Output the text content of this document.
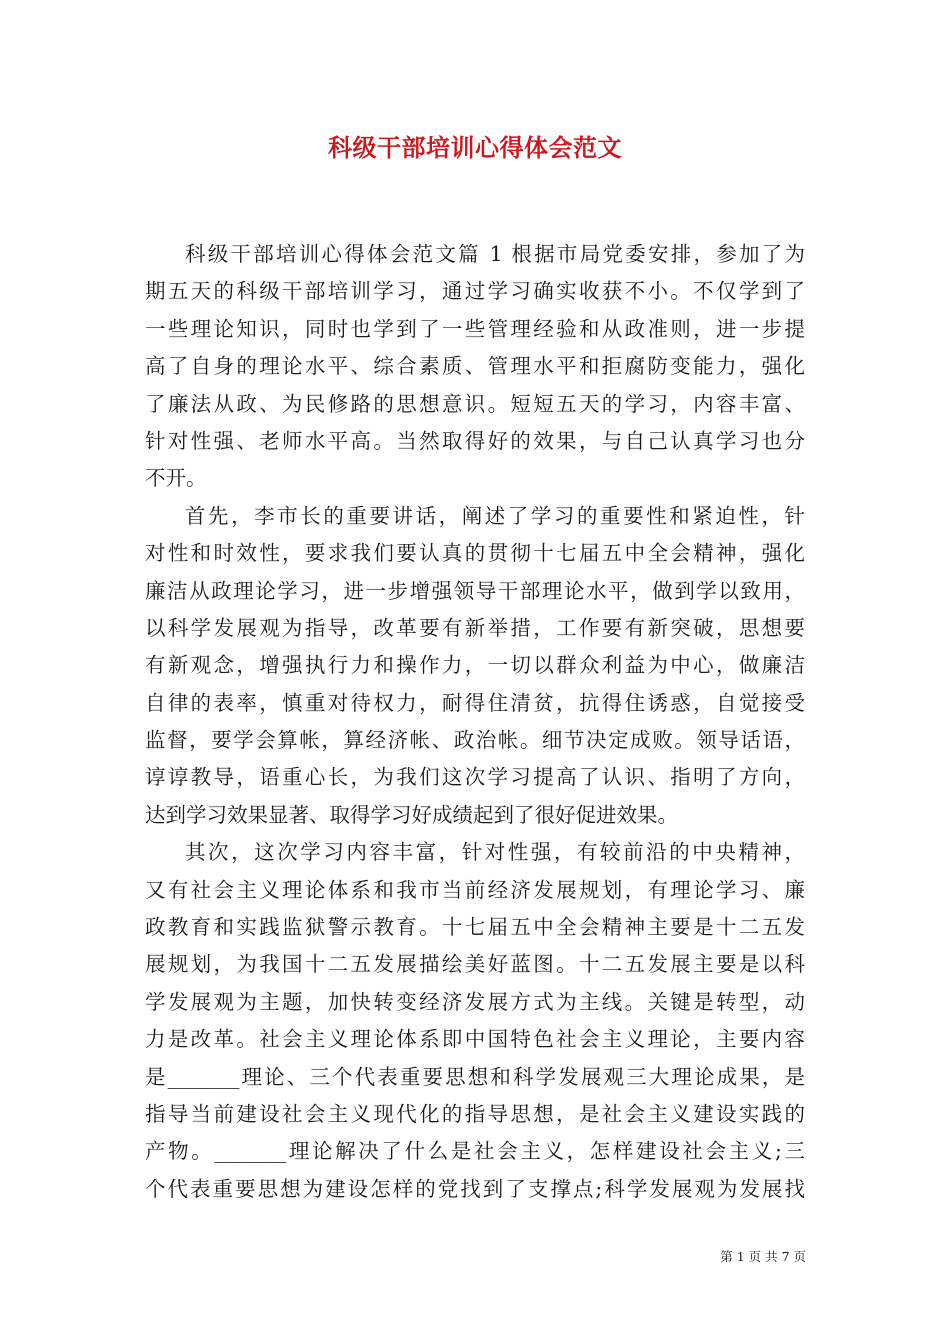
科级干部培训心得体会范文
科级干部培训心得体会范文篇 1 根据市局党委安排，参加了为
期五天的科级干部培训学习，通过学习确实收获不小。不仅学到了
一些理论知识，同时也学到了一些管理经验和从政准则，进一步提
高了自身的理论水平、综合素质、管理水平和拒腐防变能力，强化
了廉法从政、为民修路的思想意识。短短五天的学习，内容丰富、
针对性强、老师水平高。当然取得好的效果，与自己认真学习也分
不开。
首先，李市长的重要讲话，阐述了学习的重要性和紧迫性，针
对性和时效性，要求我们要认真的贯彻十七届五中全会精神，强化
廉洁从政理论学习，进一步增强领导干部理论水平，做到学以致用，
以科学发展观为指导，改革要有新举措，工作要有新突破，思想要
有新观念，增强执行力和操作力，一切以群众利益为中心，做廉洁
自律的表率，慎重对待权力，耐得住清贫，抗得住诱惑，自觉接受
监督，要学会算帐，算经济帐、政治帐。细节决定成败。领导话语，
谆谆教导，语重心长，为我们这次学习提高了认识、指明了方向，
达到学习效果显著、取得学习好成绩起到了很好促进效果。
其次，这次学习内容丰富，针对性强，有较前沿的中央精神，
又有社会主义理论体系和我市当前经济发展规划，有理论学习、廉
政教育和实践监狱警示教育。十七届五中全会精神主要是十二五发
展规划，为我国十二五发展描绘美好蓝图。十二五发展主要是以科
学发展观为主题，加快转变经济发展方式为主线。关键是转型，动
力是改革。社会主义理论体系即中国特色社会主义理论，主要内容
是_______理论、三个代表重要思想和科学发展观三大理论成果，是
指导当前建设社会主义现代化的指导思想，是社会主义建设实践的
产物。_______理论解决了什么是社会主义，怎样建设社会主义;三
个代表重要思想为建设怎样的党找到了支撑点;科学发展观为发展找
第 1 页 共 7 页
